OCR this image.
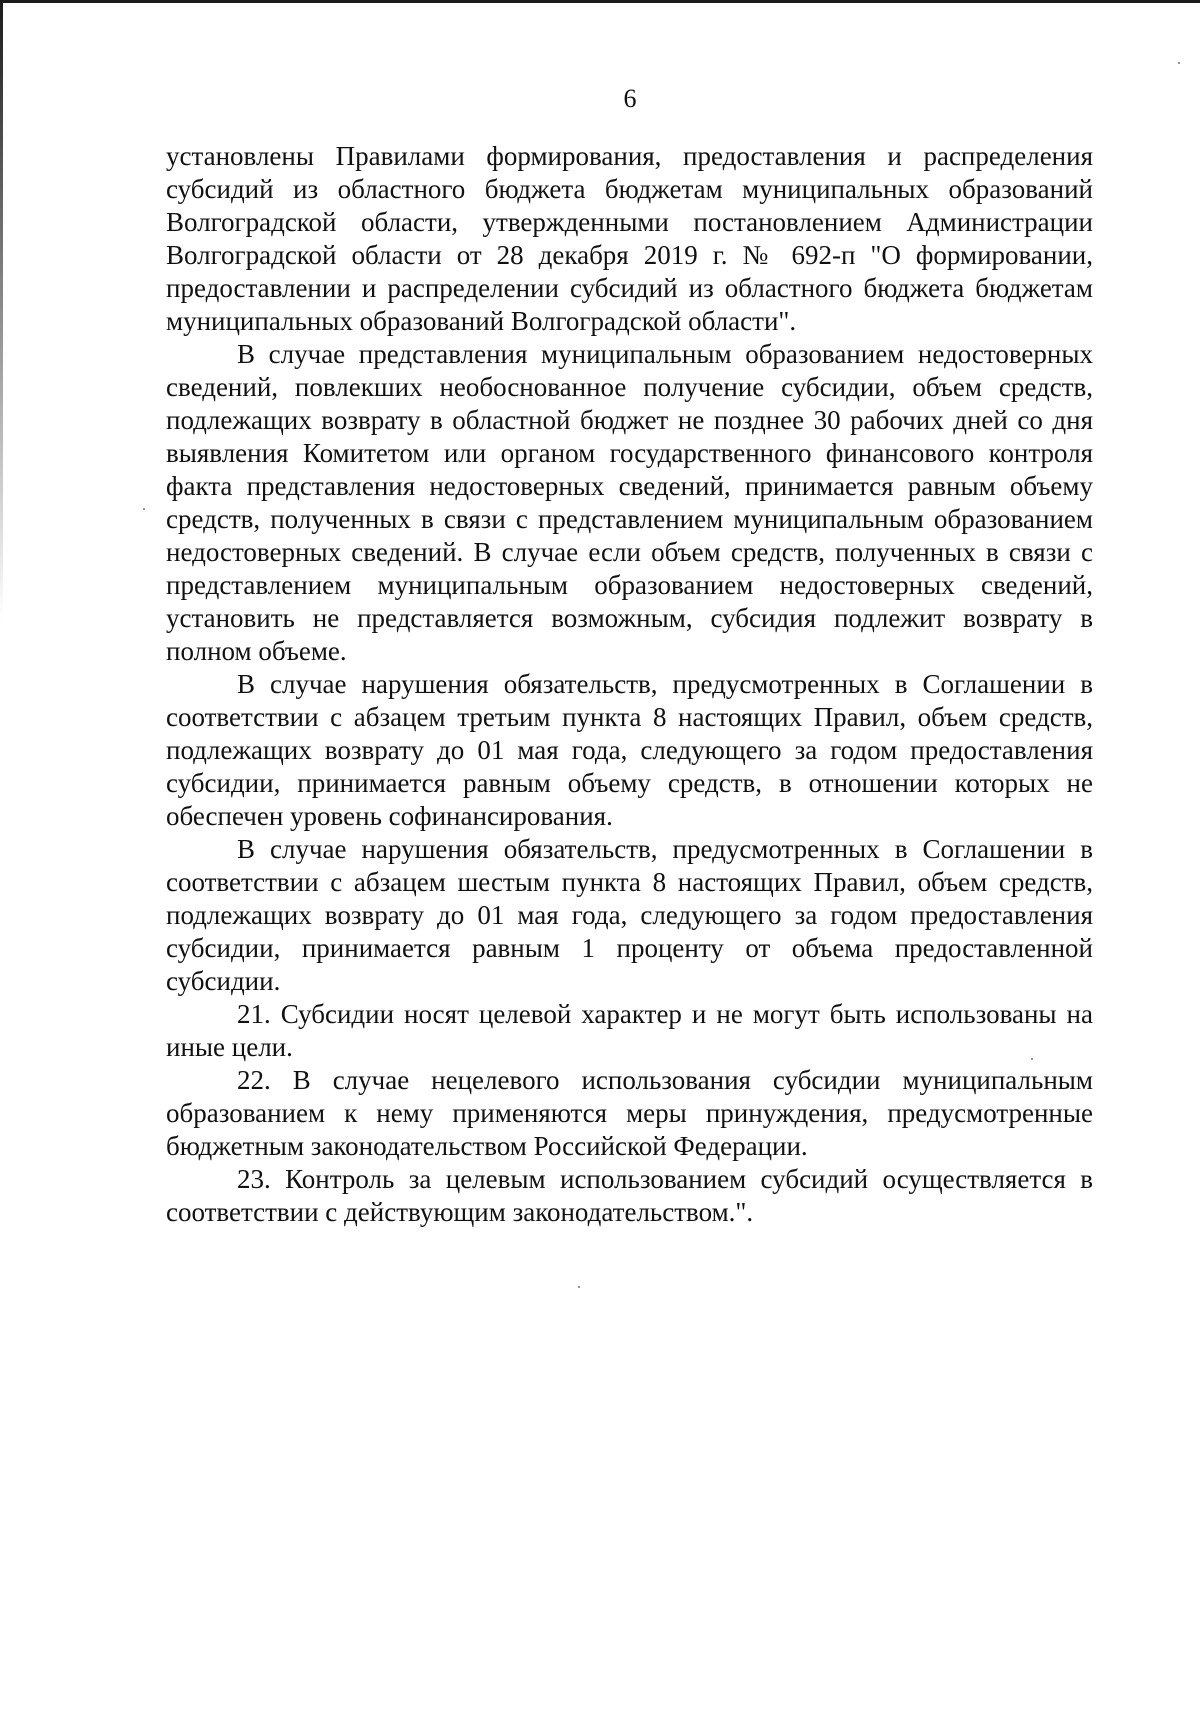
6

установлены Правилами формирования, предоставления и распределения субсидий из областного бюджета бюджетам муниципальных образований Волгоградской области, утвержденными постановлением Администрации Волгоградской области от 28 декабря 2019 г. № 692-п "О формировании, предоставлении и распределении субсидий из областного бюджета бюджетам муниципальных образований Волгоградской области".

В случае представления муниципальным образованием недостоверных сведений, повлекших необоснованное получение субсидии, объем средств, подлежащих возврату в областной бюджет не позднее 30 рабочих дней со дня выявления Комитетом или органом государственного финансового контроля факта представления недостоверных сведений, принимается равным объему средств, полученных в связи с представлением муниципальным образованием недостоверных сведений. В случае если объем средств, полученных в связи с представлением муниципальным образованием недостоверных сведений, установить не представляется возможным, субсидия подлежит возврату в полном объеме.

В случае нарушения обязательств, предусмотренных в Соглашении в соответствии с абзацем третьим пункта 8 настоящих Правил, объем средств, подлежащих возврату до 01 мая года, следующего за годом предоставления субсидии, принимается равным объему средств, в отношении которых не обеспечен уровень софинансирования.

В случае нарушения обязательств, предусмотренных в Соглашении в соответствии с абзацем шестым пункта 8 настоящих Правил, объем средств, подлежащих возврату до 01 мая года, следующего за годом предоставления субсидии, принимается равным 1 проценту от объема предоставленной субсидии.

21. Субсидии носят целевой характер и не могут быть использованы на иные цели.

22. В случае нецелевого использования субсидии муниципальным образованием к нему применяются меры принуждения, предусмотренные бюджетным законодательством Российской Федерации.

23. Контроль за целевым использованием субсидий осуществляется в соответствии с действующим законодательством.".
